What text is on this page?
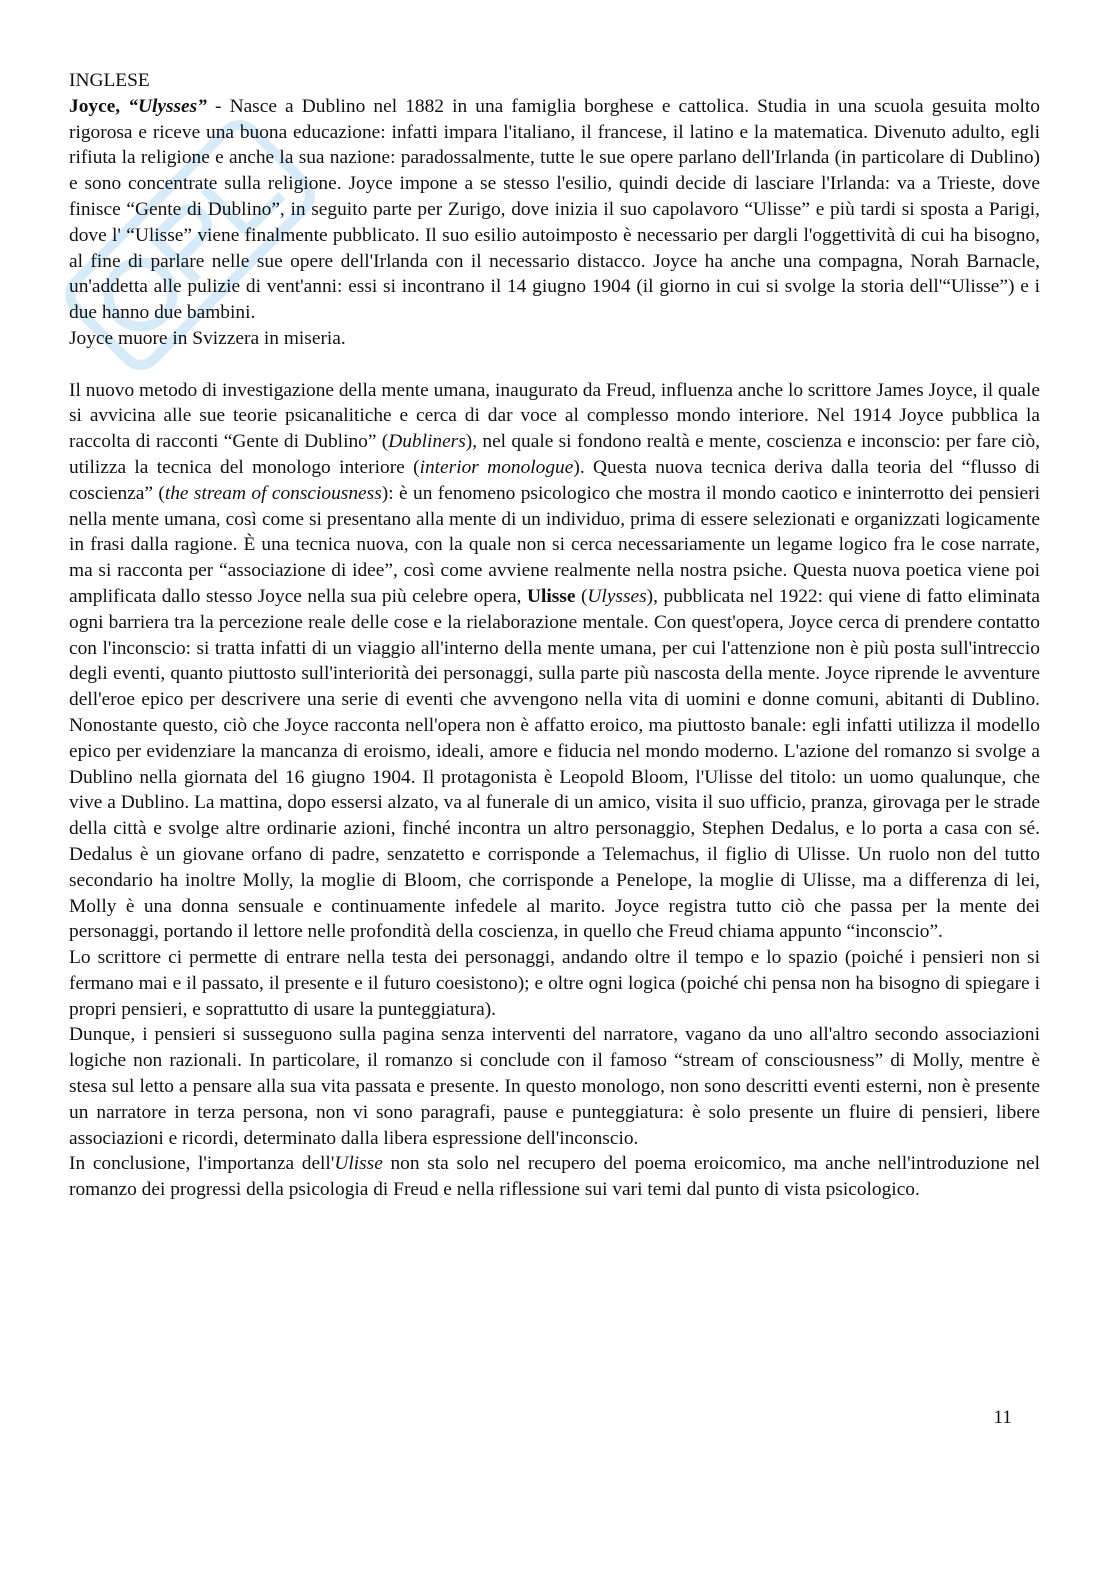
INGLESE

Joyce, “Ulysses” - Nasce a Dublino nel 1882 in una famiglia borghese e cattolica. Studia in una scuola gesuita molto rigorosa e riceve una buona educazione: infatti impara l'italiano, il francese, il latino e la matematica. Divenuto adulto, egli rifiuta la religione e anche la sua nazione: paradossalmente, tutte le sue opere parlano dell'Irlanda (in particolare di Dublino) e sono concentrate sulla religione. Joyce impone a se stesso l'esilio, quindi decide di lasciare l'Irlanda: va a Trieste, dove finisce “Gente di Dublino”, in seguito parte per Zurigo, dove inizia il suo capolavoro “Ulisse” e più tardi si sposta a Parigi, dove l' “Ulisse” viene finalmente pubblicato. Il suo esilio autoimposto è necessario per dargli l'oggettività di cui ha bisogno, al fine di parlare nelle sue opere dell'Irlanda con il necessario distacco. Joyce ha anche una compagna, Norah Barnacle, un'addetta alle pulizie di vent'anni: essi si incontrano il 14 giugno 1904 (il giorno in cui si svolge la storia dell'“Ulisse”) e i due hanno due bambini.

Joyce muore in Svizzera in miseria.

Il nuovo metodo di investigazione della mente umana, inaugurato da Freud, influenza anche lo scrittore James Joyce, il quale si avvicina alle sue teorie psicanalitiche e cerca di dar voce al complesso mondo interiore. Nel 1914 Joyce pubblica la raccolta di racconti “Gente di Dublino” (Dubliners), nel quale si fondono realtà e mente, coscienza e inconscio: per fare ciò, utilizza la tecnica del monologo interiore (interior monologue). Questa nuova tecnica deriva dalla teoria del “flusso di coscienza” (the stream of consciousness): è un fenomeno psicologico che mostra il mondo caotico e ininterrotto dei pensieri nella mente umana, così come si presentano alla mente di un individuo, prima di essere selezionati e organizzati logicamente in frasi dalla ragione. È una tecnica nuova, con la quale non si cerca necessariamente un legame logico fra le cose narrate, ma si racconta per “associazione di idee”, così come avviene realmente nella nostra psiche. Questa nuova poetica viene poi amplificata dallo stesso Joyce nella sua più celebre opera, Ulisse (Ulysses), pubblicata nel 1922: qui viene di fatto eliminata ogni barriera tra la percezione reale delle cose e la rielaborazione mentale. Con quest'opera, Joyce cerca di prendere contatto con l'inconscio: si tratta infatti di un viaggio all'interno della mente umana, per cui l'attenzione non è più posta sull'intreccio degli eventi, quanto piuttosto sull'interiorità dei personaggi, sulla parte più nascosta della mente. Joyce riprende le avventure dell'eroe epico per descrivere una serie di eventi che avvengono nella vita di uomini e donne comuni, abitanti di Dublino. Nonostante questo, ciò che Joyce racconta nell'opera non è affatto eroico, ma piuttosto banale: egli infatti utilizza il modello epico per evidenziare la mancanza di eroismo, ideali, amore e fiducia nel mondo moderno. L'azione del romanzo si svolge a Dublino nella giornata del 16 giugno 1904. Il protagonista è Leopold Bloom, l'Ulisse del titolo: un uomo qualunque, che vive a Dublino. La mattina, dopo essersi alzato, va al funerale di un amico, visita il suo ufficio, pranza, girovaga per le strade della città e svolge altre ordinarie azioni, finché incontra un altro personaggio, Stephen Dedalus, e lo porta a casa con sé. Dedalus è un giovane orfano di padre, senzatetto e corrisponde a Telemachus, il figlio di Ulisse. Un ruolo non del tutto secondario ha inoltre Molly, la moglie di Bloom, che corrisponde a Penelope, la moglie di Ulisse, ma a differenza di lei, Molly è una donna sensuale e continuamente infedele al marito. Joyce registra tutto ciò che passa per la mente dei personaggi, portando il lettore nelle profondità della coscienza, in quello che Freud chiama appunto “inconscio”.

Lo scrittore ci permette di entrare nella testa dei personaggi, andando oltre il tempo e lo spazio (poiché i pensieri non si fermano mai e il passato, il presente e il futuro coesistono); e oltre ogni logica (poiché chi pensa non ha bisogno di spiegare i propri pensieri, e soprattutto di usare la punteggiatura).

Dunque, i pensieri si susseguono sulla pagina senza interventi del narratore, vagano da uno all'altro secondo associazioni logiche non razionali. In particolare, il romanzo si conclude con il famoso “stream of consciousness” di Molly, mentre è stesa sul letto a pensare alla sua vita passata e presente. In questo monologo, non sono descritti eventi esterni, non è presente un narratore in terza persona, non vi sono paragrafi, pause e punteggiatura: è solo presente un fluire di pensieri, libere associazioni e ricordi, determinato dalla libera espressione dell'inconscio.

In conclusione, l'importanza dell'Ulisse non sta solo nel recupero del poema eroicomico, ma anche nell'introduzione nel romanzo dei progressi della psicologia di Freud e nella riflessione sui vari temi dal punto di vista psicologico.

11
